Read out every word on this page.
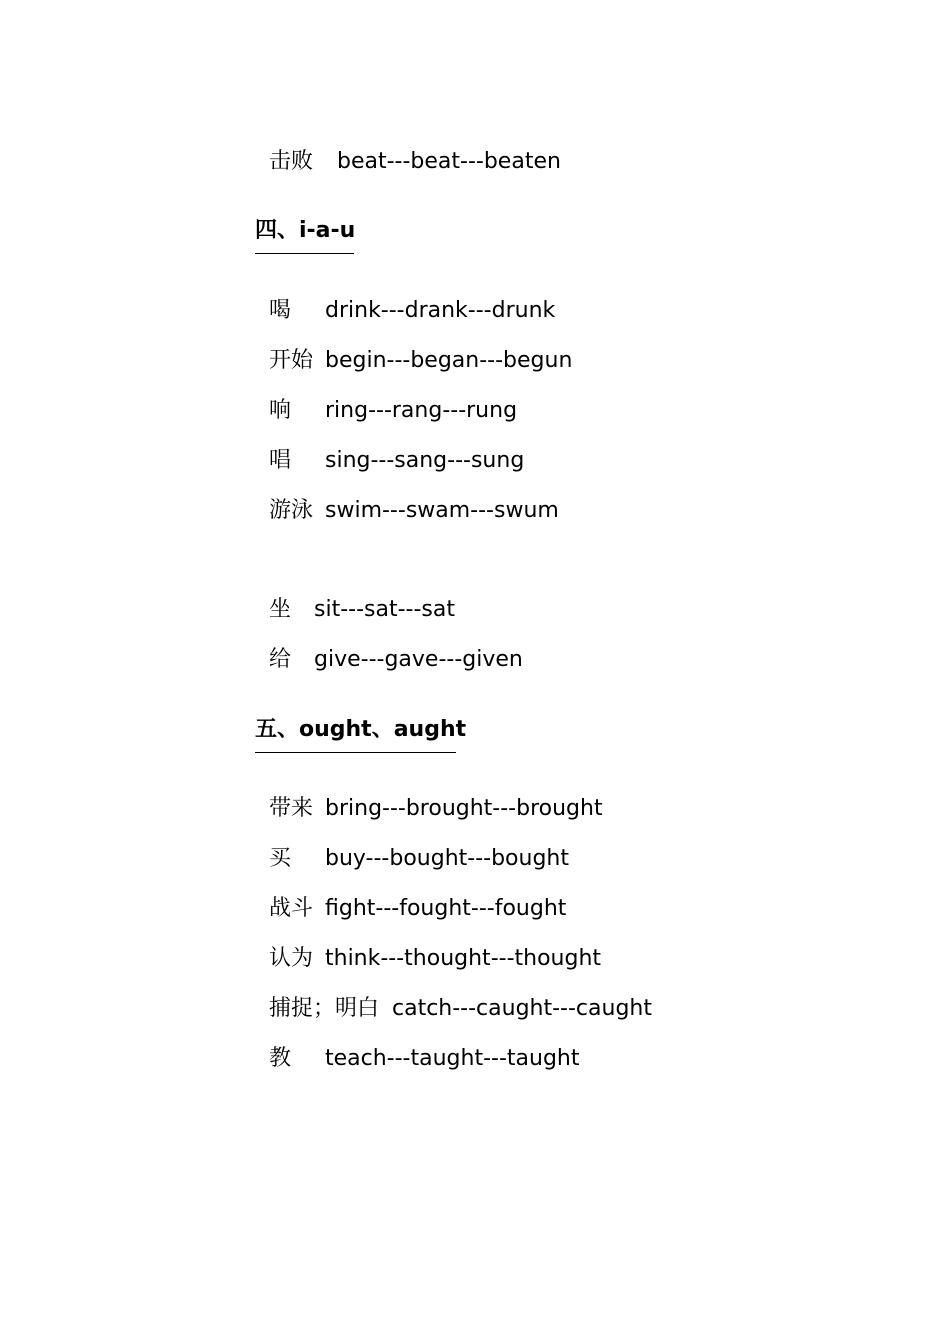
击败 beat---beat---beaten

四、i-a-u

喝 drink---drank---drunk

开始 begin---began---begun

响 ring---rang---rung

唱 sing---sang---sung

游泳 swim---swam---swum

坐 sit---sat---sat

给 give---gave---given

五、ought、aught

带来 bring---brought---brought

买 buy---bought---bought

战斗 fight---fought---fought

认为 think---thought---thought

捕捉；明白 catch---caught---caught

教 teach---taught---taught
